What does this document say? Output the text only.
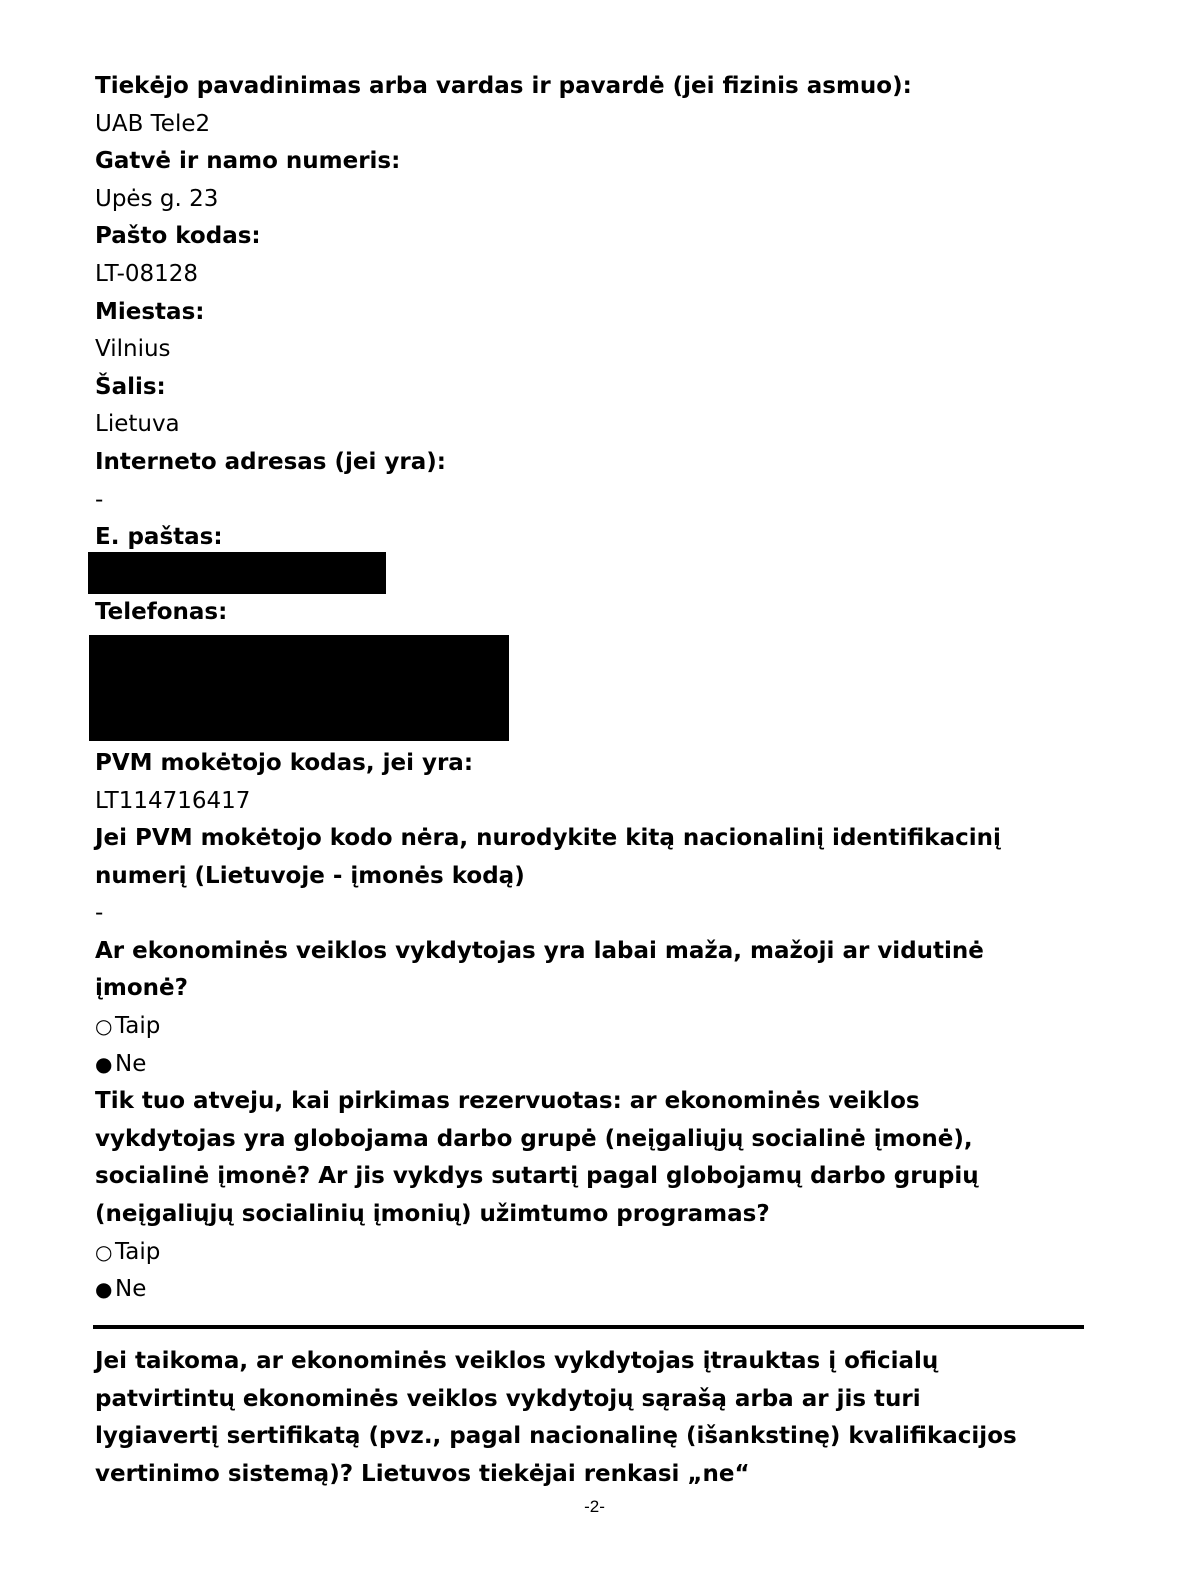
Tiekėjo pavadinimas arba vardas ir pavardė (jei fizinis asmuo):

UAB Tele2

Gatvė ir namo numeris:

Upės g. 23

Pašto kodas:

LT-08128

Miestas:

Vilnius

Šalis:

Lietuva

Interneto adresas (jei yra):

-

E. paštas:

Telefonas:

PVM mokėtojo kodas, jei yra:

LT114716417

Jei PVM mokėtojo kodo nėra, nurodykite kitą nacionalinį identifikacinį

numerį (Lietuvoje - įmonės kodą)

-

Ar ekonominės veiklos vykdytojas yra labai maža, mažoji ar vidutinė

įmonė?

○ Taip

● Ne

Tik tuo atveju, kai pirkimas rezervuotas: ar ekonominės veiklos

vykdytojas yra globojama darbo grupė (neįgaliųjų socialinė įmonė),

socialinė įmonė? Ar jis vykdys sutartį pagal globojamų darbo grupių

(neįgaliųjų socialinių įmonių) užimtumo programas?

○ Taip

● Ne

Jei taikoma, ar ekonominės veiklos vykdytojas įtrauktas į oficialų

patvirtintų ekonominės veiklos vykdytojų sąrašą arba ar jis turi

lygiavertį sertifikatą (pvz., pagal nacionalinę (išankstinę) kvalifikacijos

vertinimo sistemą)? Lietuvos tiekėjai renkasi „ne“

-2-
